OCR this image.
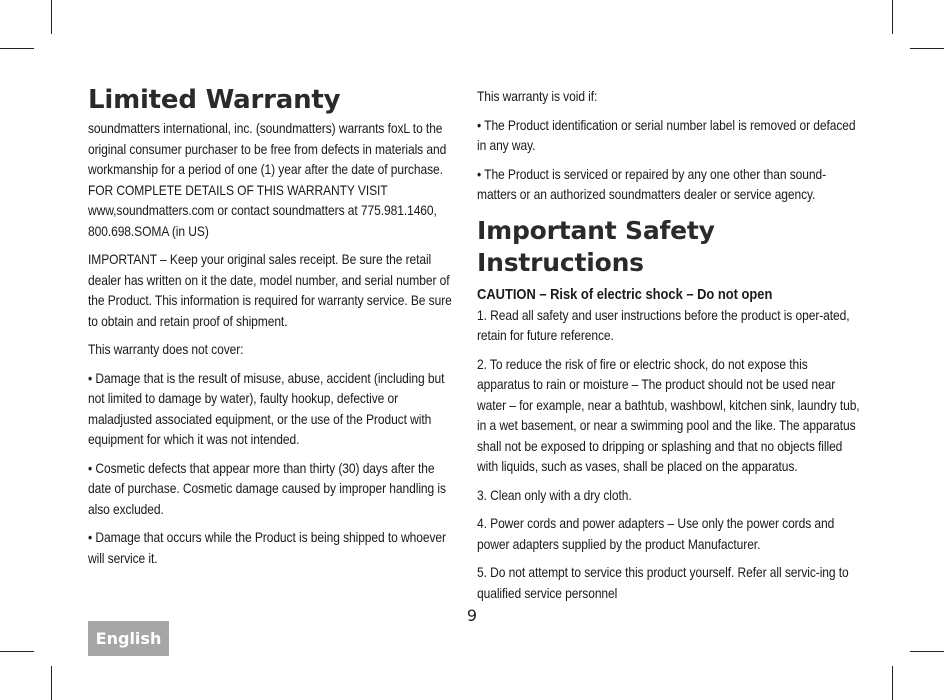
Limited Warranty

soundmatters international, inc. (soundmatters) warrants foxL to the original consumer purchaser to be free from defects in materials and workmanship for a period of one (1) year after the date of purchase.

FOR COMPLETE DETAILS OF THIS WARRANTY VISIT www,soundmatters.com or contact soundmatters at 775.981.1460, 800.698.SOMA (in US)

IMPORTANT – Keep your original sales receipt. Be sure the retail dealer has written on it the date, model number, and serial number of the Product. This information is required for warranty service. Be sure to obtain and retain proof of shipment.

This warranty does not cover:

• Damage that is the result of misuse, abuse, accident (including but not limited to damage by water), faulty hookup, defective or maladjusted associated equipment, or the use of the Product with equipment for which it was not intended.

• Cosmetic defects that appear more than thirty (30) days after the date of purchase. Cosmetic damage caused by improper handling is also excluded.

• Damage that occurs while the Product is being shipped to whoever will service it.

This warranty is void if:

• The Product identification or serial number label is removed or defaced in any way.

• The Product is serviced or repaired by any one other than sound-matters or an authorized soundmatters dealer or service agency.

Important Safety Instructions

CAUTION – Risk of electric shock – Do not open

1. Read all safety and user instructions before the product is oper-ated, retain for future reference.

2. To reduce the risk of fire or electric shock, do not expose this apparatus to rain or moisture – The product should not be used near water – for example, near a bathtub, washbowl, kitchen sink, laundry tub, in a wet basement, or near a swimming pool and the like. The apparatus shall not be exposed to dripping or splashing and that no objects filled with liquids, such as vases, shall be placed on the apparatus.

3. Clean only with a dry cloth.

4. Power cords and power adapters – Use only the power cords and power adapters supplied by the product Manufacturer.

5. Do not attempt to service this product yourself. Refer all servic-ing to qualified service personnel

9
English
